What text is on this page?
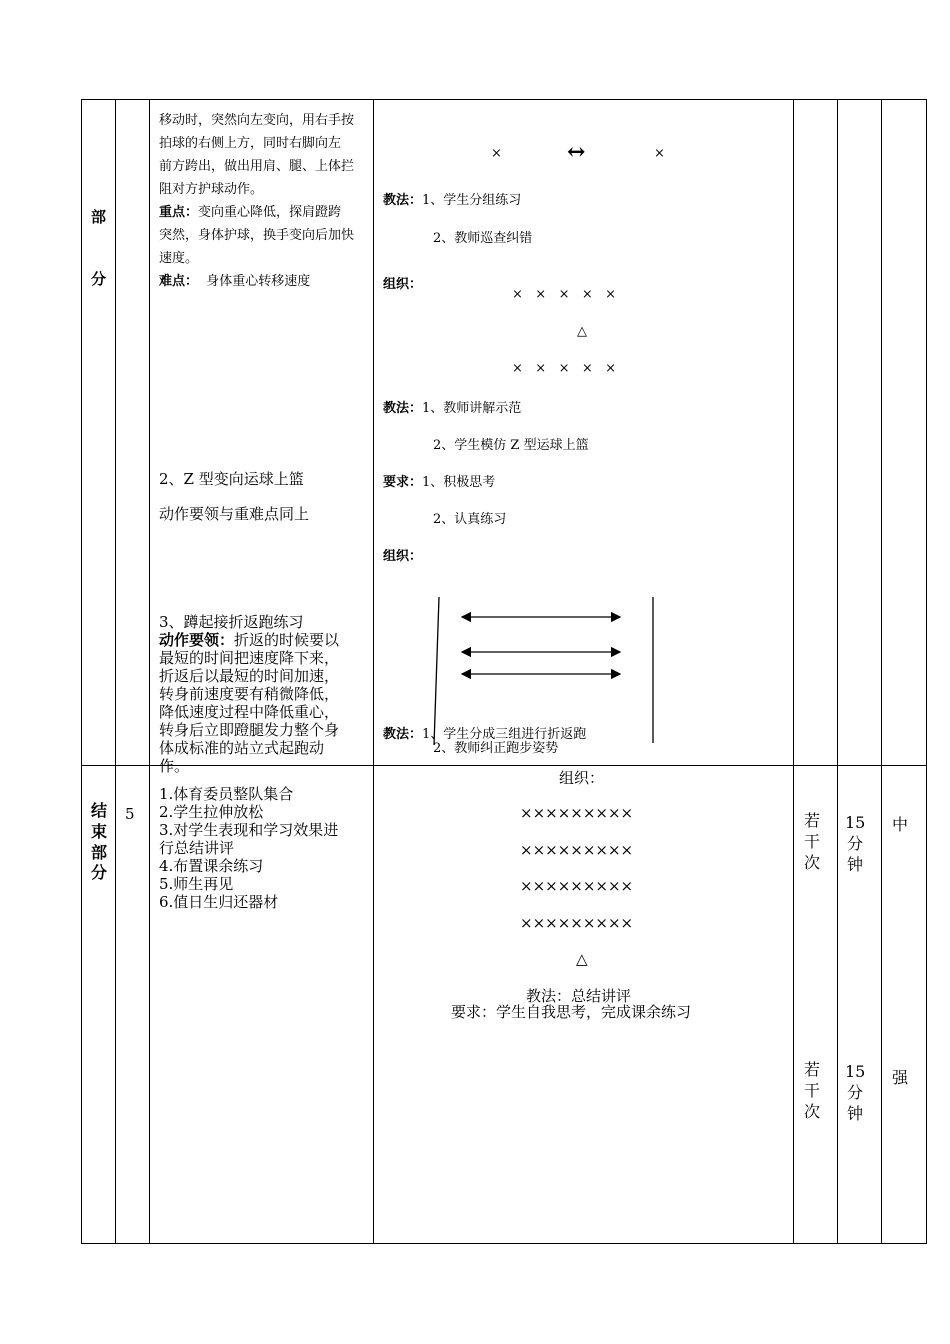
部
分
移动时，突然向左变向，用右手按
拍球的右侧上方，同时右脚向左
前方跨出，做出用肩、腿、上体拦
阻对方护球动作。
重点：变向重心降低，探肩蹬跨
突然，身体护球，换手变向后加快
速度。
难点： 身体重心转移速度
2、Z 型变向运球上篮
动作要领与重难点同上
3、蹲起接折返跑练习
动作要领：折返的时候要以
最短的时间把速度降下来，
折返后以最短的时间加速，
转身前速度要有稍微降低，
降低速度过程中降低重心，
转身后立即蹬腿发力整个身
体成标准的站立式起跑动
作。
×	↔	×
教法：1、学生分组练习
2、教师巡查纠错
组织：
×   ×   ×   ×   ×
△
×   ×   ×   ×   ×
教法：1、教师讲解示范
2、学生模仿 Z 型运球上篮
要求：1、积极思考
2、认真练习
组织：
教法：1、学生分成三组进行折返跑
2、教师纠正跑步姿势
结
束
部
分
5
1.体育委员整队集合
2.学生拉伸放松
3.对学生表现和学习效果进
行总结讲评
4.布置课余练习
5.师生再见
6.值日生归还器材
组织：
×××××××××
×××××××××
×××××××××
×××××××××
△
教法：总结讲评
要求：学生自我思考，完成课余练习
若
干
次
15
分
钟
中
若
干
次
15
分
钟
强
